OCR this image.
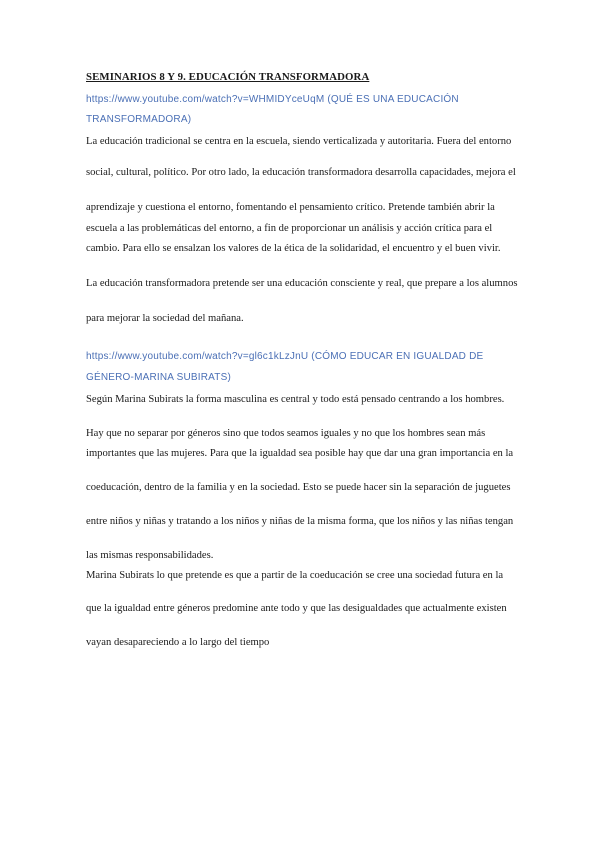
SEMINARIOS 8 Y 9. EDUCACIÓN TRANSFORMADORA
https://www.youtube.com/watch?v=WHMIDYceUqM (QUÉ ES UNA EDUCACIÓN
TRANSFORMADORA)
La educación tradicional se centra en la escuela, siendo verticalizada y autoritaria. Fuera del entorno
social, cultural, político. Por otro lado, la educación transformadora desarrolla capacidades, mejora el
aprendizaje y cuestiona el entorno, fomentando el pensamiento crítico. Pretende también abrir la
escuela a las problemáticas del entorno, a fin de proporcionar un análisis y acción crítica para el
cambio. Para ello se ensalzan los valores de la ética de la solidaridad, el encuentro y el buen vivir.
La educación transformadora pretende ser una educación consciente y real, que prepare a los alumnos
para mejorar la sociedad del mañana.
https://www.youtube.com/watch?v=gl6c1kLzJnU (CÓMO EDUCAR EN IGUALDAD DE
GÉNERO-MARINA SUBIRATS)
Según Marina Subirats la forma masculina es central y todo está pensado centrando a los hombres.
Hay que no separar por géneros sino que todos seamos iguales y no que los hombres sean más
importantes que las mujeres. Para que la igualdad sea posible hay que dar una gran importancia en la
coeducación, dentro de la familia y en la sociedad. Esto se puede hacer sin la separación de juguetes
entre niños y niñas y tratando a los niños y niñas de la misma forma, que los niños y las niñas tengan
las mismas responsabilidades.
Marina Subirats lo que pretende es que a partir de la coeducación se cree una sociedad futura en la
que la igualdad entre géneros predomine ante todo y que las desigualdades que actualmente existen
vayan desapareciendo a lo largo del tiempo
